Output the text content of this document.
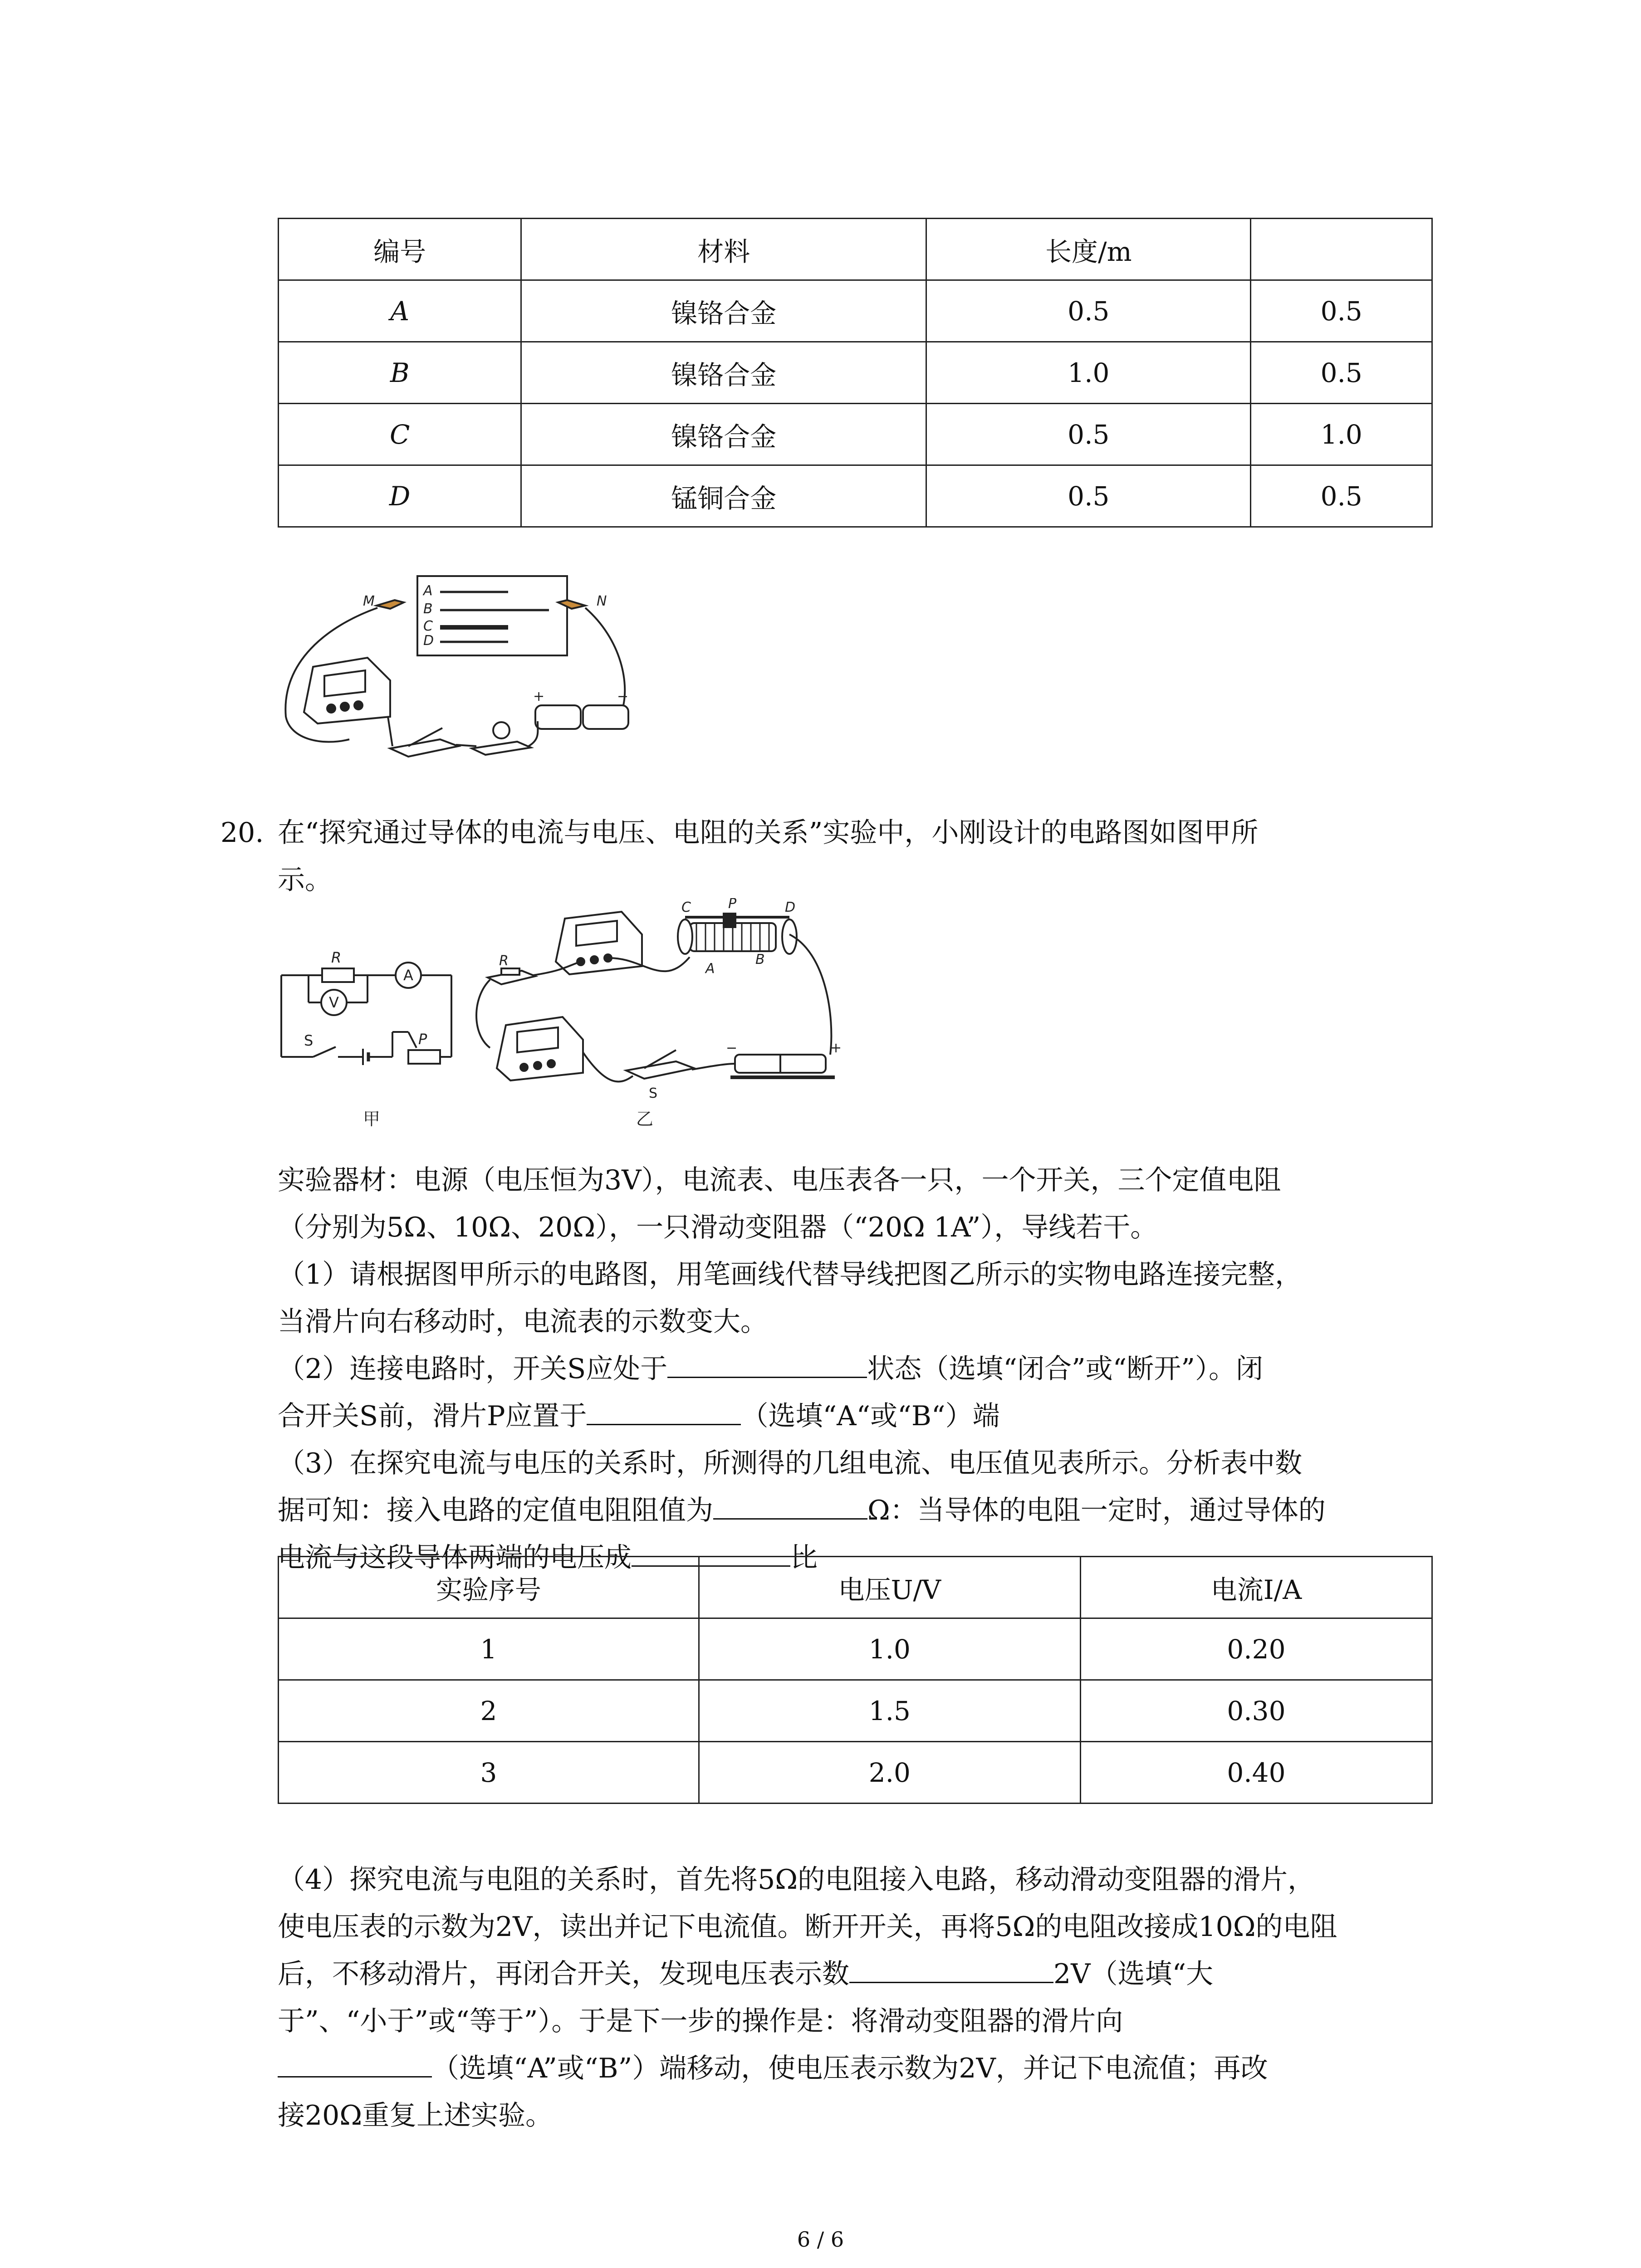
编号	材料	长度/m	
A	镍铬合金	0.5	0.5
B	镍铬合金	1.0	0.5
C	镍铬合金	0.5	1.0
D	锰铜合金	0.5	0.5
M	N
A
B
C
D
+	−
20. 在“探究通过导体的电流与电压、电阻的关系”实验中，小刚设计的电路图如图甲所
示。
R
A
V
S	P
甲
R
C	P	D
A
B
S
−	+
乙
实验器材：电源（电压恒为3V），电流表、电压表各一只，一个开关，三个定值电阻
（分别为5Ω、10Ω、20Ω），一只滑动变阻器（“20Ω 1A”），导线若干。
（1）请根据图甲所示的电路图，用笔画线代替导线把图乙所示的实物电路连接完整，
当滑片向右移动时，电流表的示数变大。
（2）连接电路时，开关S应处于	状态（选填“闭合”或“断开”）。闭
合开关S前，滑片P应置于	（选填“A“或“B“）端
（3）在探究电流与电压的关系时，所测得的几组电流、电压值见表所示。分析表中数
据可知：接入电路的定值电阻阻值为	Ω：当导体的电阻一定时，通过导体的
电流与这段导体两端的电压成	比
实验序号	电压U/V	电流I/A
1	1.0	0.20
2	1.5	0.30
3	2.0	0.40
（4）探究电流与电阻的关系时，首先将5Ω的电阻接入电路，移动滑动变阻器的滑片，
使电压表的示数为2V，读出并记下电流值。断开开关，再将5Ω的电阻改接成10Ω的电阻
后，不移动滑片，再闭合开关，发现电压表示数	2V（选填“大
于”、“小于”或“等于”）。于是下一步的操作是：将滑动变阻器的滑片向
（选填“A”或“B”）端移动，使电压表示数为2V，并记下电流值；再改
接20Ω重复上述实验。
6 / 6
